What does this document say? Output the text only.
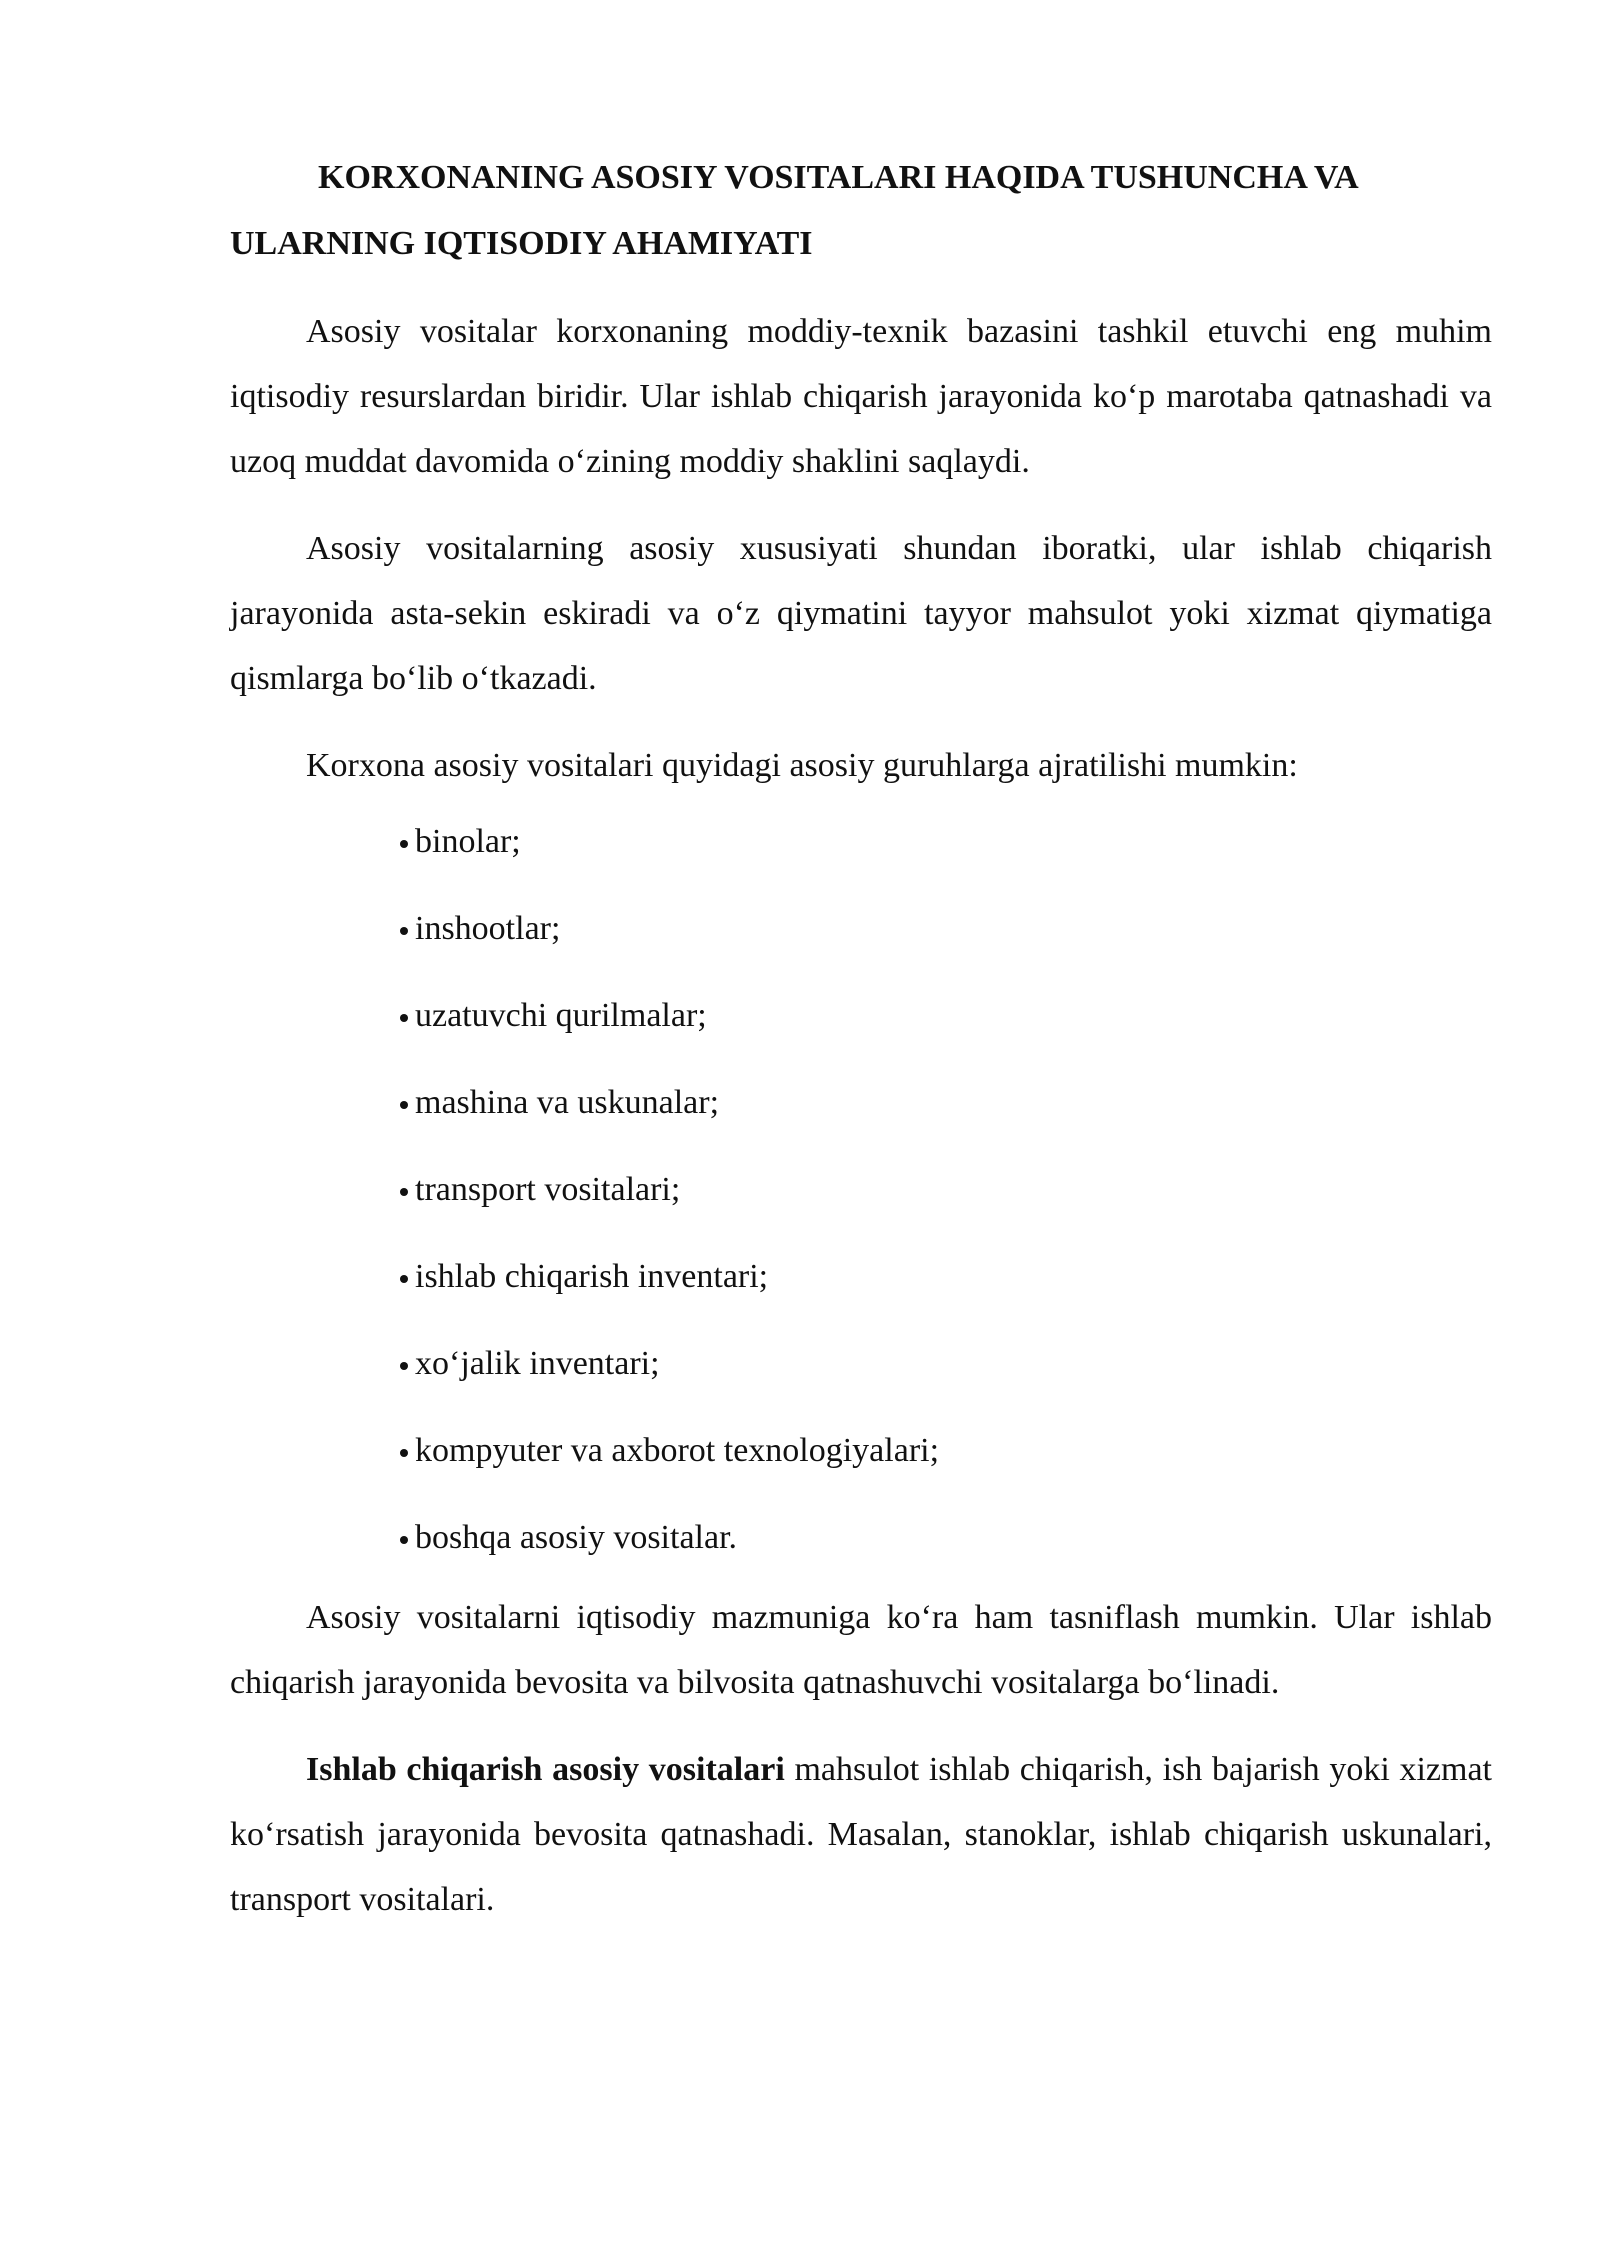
KORXONANING ASOSIY VOSITALARI HAQIDA TUSHUNCHA VA ULARNING IQTISODIY AHAMIYATI

Asosiy vositalar korxonaning moddiy-texnik bazasini tashkil etuvchi eng muhim iqtisodiy resurslardan biridir. Ular ishlab chiqarish jarayonida ko‘p marotaba qatnashadi va uzoq muddat davomida o‘zining moddiy shaklini saqlaydi.

Asosiy vositalarning asosiy xususiyati shundan iboratki, ular ishlab chiqarish jarayonida asta-sekin eskiradi va o‘z qiymatini tayyor mahsulot yoki xizmat qiymatiga qismlarga bo‘lib o‘tkazadi.

Korxona asosiy vositalari quyidagi asosiy guruhlarga ajratilishi mumkin:

binolar;
inshootlar;
uzatuvchi qurilmalar;
mashina va uskunalar;
transport vositalari;
ishlab chiqarish inventari;
xo‘jalik inventari;
kompyuter va axborot texnologiyalari;
boshqa asosiy vositalar.

Asosiy vositalarni iqtisodiy mazmuniga ko‘ra ham tasniflash mumkin. Ular ishlab chiqarish jarayonida bevosita va bilvosita qatnashuvchi vositalarga bo‘linadi.

Ishlab chiqarish asosiy vositalari mahsulot ishlab chiqarish, ish bajarish yoki xizmat ko‘rsatish jarayonida bevosita qatnashadi. Masalan, stanoklar, ishlab chiqarish uskunalari, transport vositalari.
